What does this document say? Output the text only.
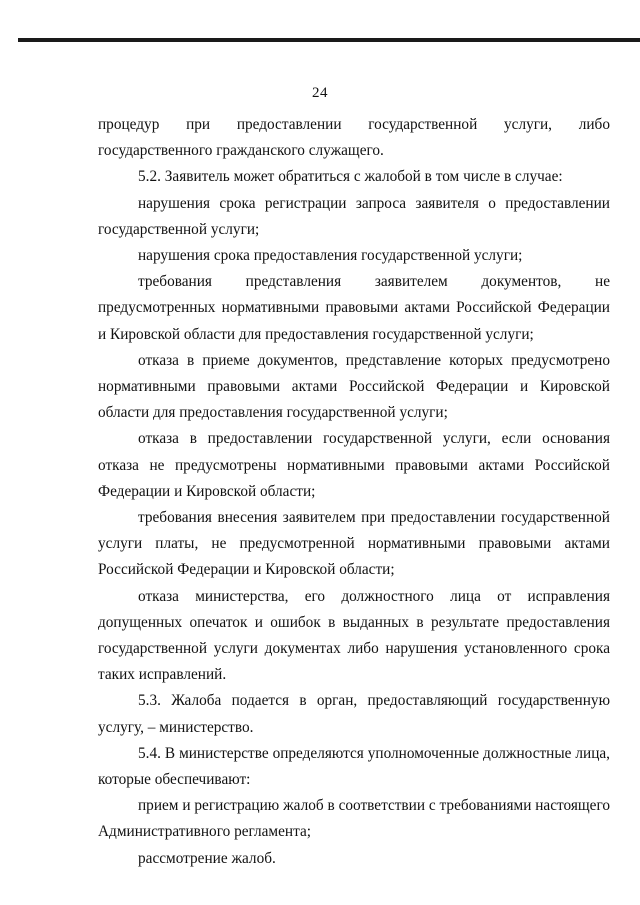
24

процедур при предоставлении государственной услуги, либо государственного гражданского служащего.

5.2. Заявитель может обратиться с жалобой в том числе в случае:

нарушения срока регистрации запроса заявителя о предоставлении государственной услуги;

нарушения срока предоставления государственной услуги;

требования представления заявителем документов, не предусмотренных нормативными правовыми актами Российской Федерации и Кировской области для предоставления государственной услуги;

отказа в приеме документов, представление которых предусмотрено нормативными правовыми актами Российской Федерации и Кировской области для предоставления государственной услуги;

отказа в предоставлении государственной услуги, если основания отказа не предусмотрены нормативными правовыми актами Российской Федерации и Кировской области;

требования внесения заявителем при предоставлении государственной услуги платы, не предусмотренной нормативными правовыми актами Российской Федерации и Кировской области;

отказа министерства, его должностного лица от исправления допущенных опечаток и ошибок в выданных в результате предоставления государственной услуги документах либо нарушения установленного срока таких исправлений.

5.3. Жалоба подается в орган, предоставляющий государственную услугу, – министерство.

5.4. В министерстве определяются уполномоченные должностные лица, которые обеспечивают:

прием и регистрацию жалоб в соответствии с требованиями настоящего Административного регламента;

рассмотрение жалоб.
